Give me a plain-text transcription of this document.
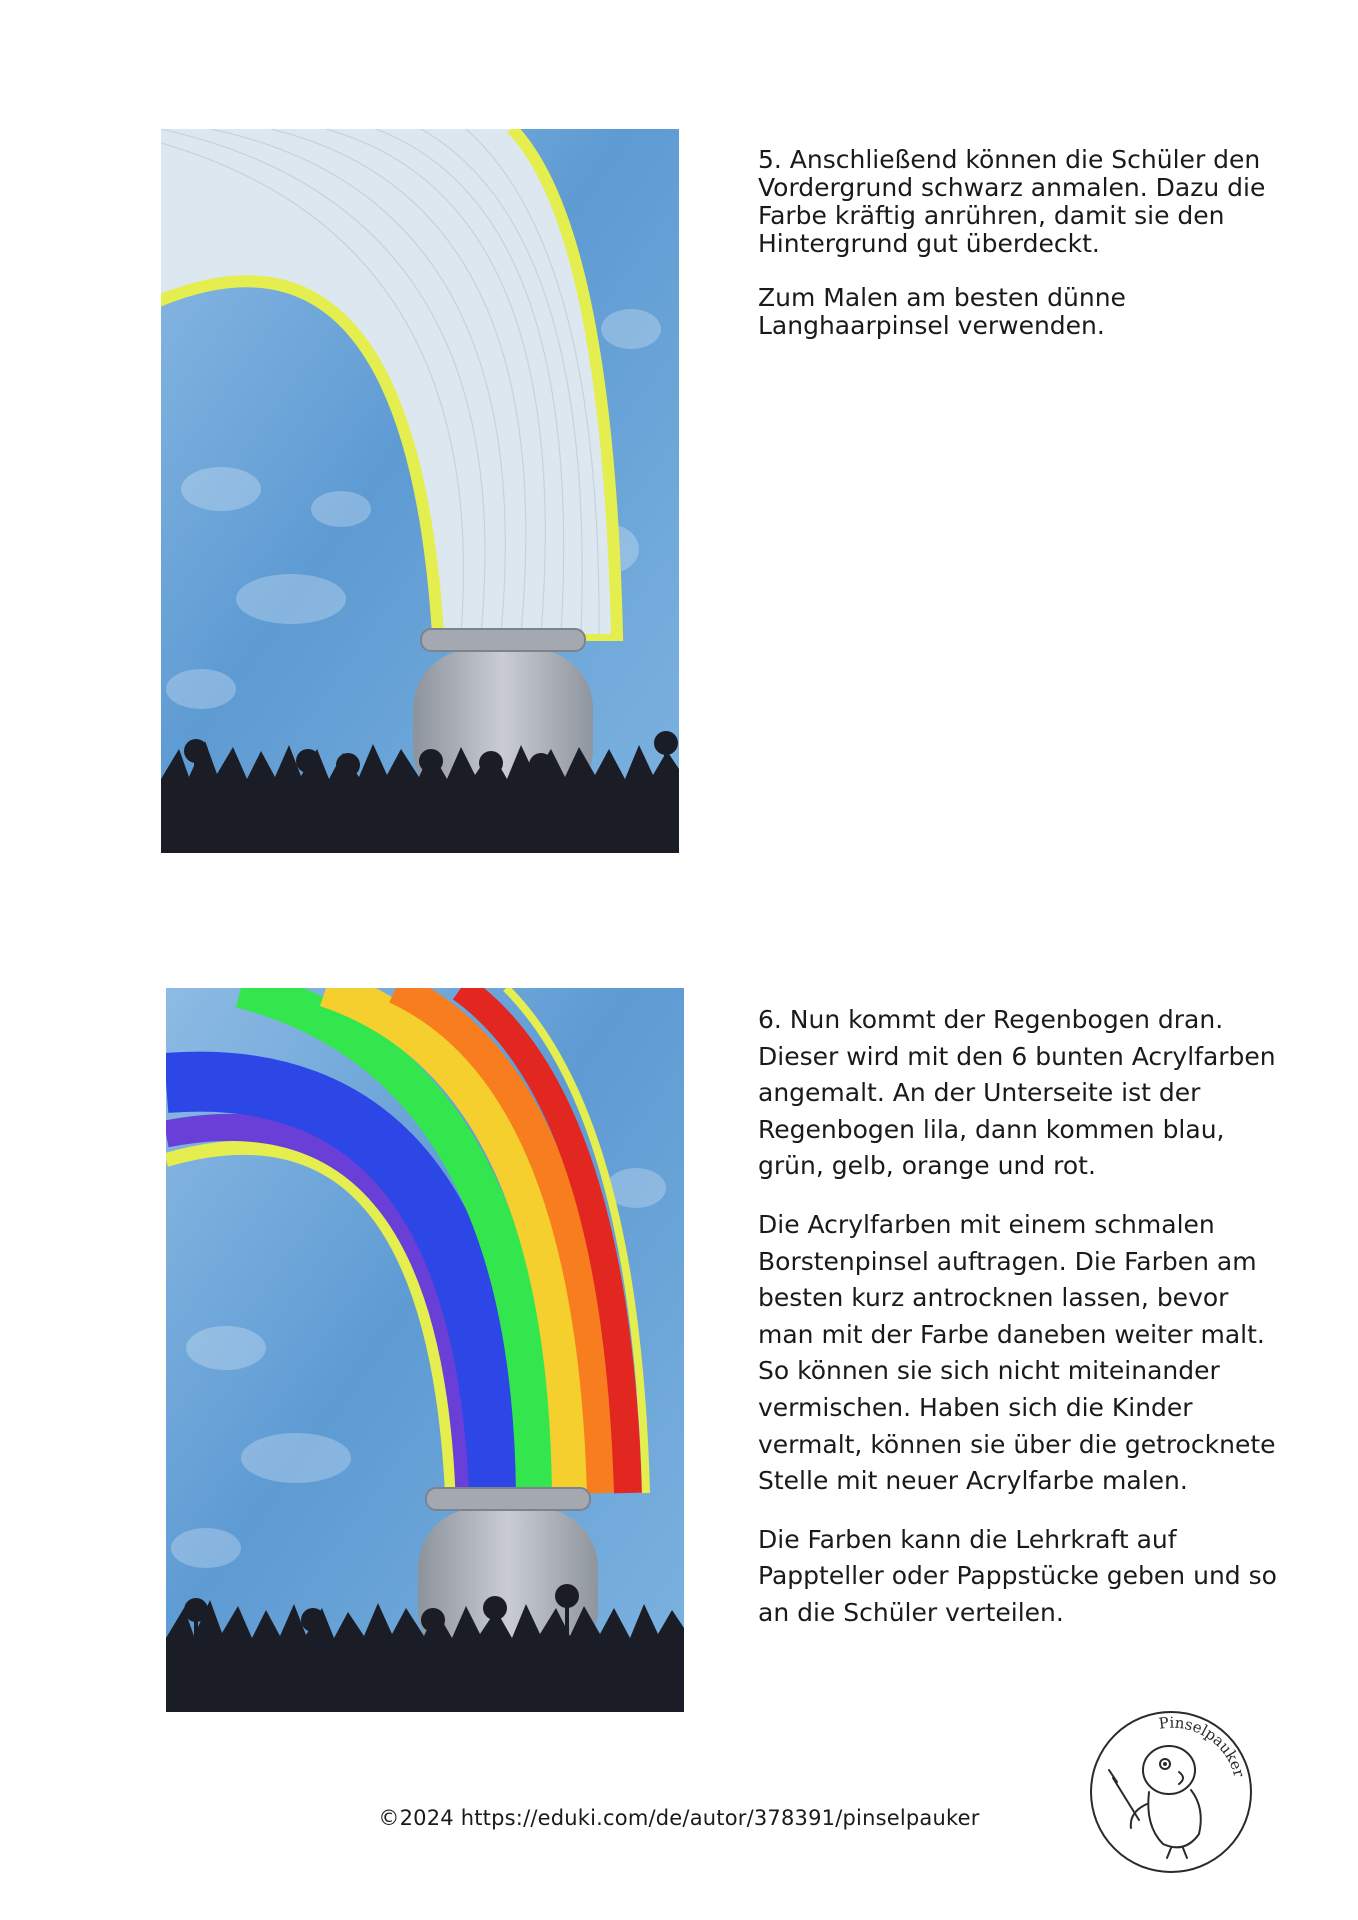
5. Anschließend können die Schüler den Vordergrund schwarz anmalen. Dazu die Farbe kräftig anrühren, damit sie den Hintergrund gut überdeckt.

Zum Malen am besten dünne Langhaarpinsel verwenden.

6. Nun kommt der Regenbogen dran. Dieser wird mit den 6 bunten Acrylfarben angemalt. An der Unterseite ist der Regenbogen lila, dann kommen blau, grün, gelb, orange und rot.

Die Acrylfarben mit einem schmalen Borstenpinsel auftragen. Die Farben am besten kurz antrocknen lassen, bevor man mit der Farbe daneben weiter malt. So können sie sich nicht miteinander vermischen. Haben sich die Kinder vermalt, können sie über die getrocknete Stelle mit neuer Acrylfarbe malen.

Die Farben kann die Lehrkraft auf Pappteller oder Pappstücke geben und so an die Schüler verteilen.

©2024 https://eduki.com/de/autor/378391/pinselpauker
Pinselpauker
